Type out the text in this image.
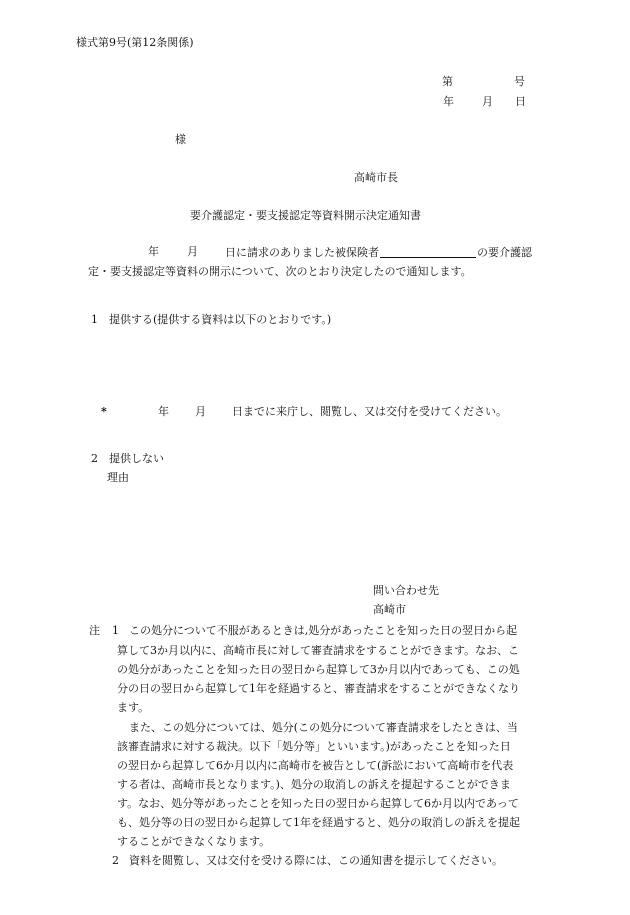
様式第9号(第12条関係)
第	号
年	月 日
様
高崎市長
要介護認定・要支援認定等資料開示決定通知書
年	月 日に請求のありました被保険者	の要介護認
定・要支援認定等資料の開示について、次のとおり決定したので通知します。
1　提供する(提供する資料は以下のとおりです。)
*	年 月 日までに来庁し、閲覧し、又は交付を受けてください。
2　提供しない
理由
問い合わせ先
高崎市
注 1 この処分について不服があるときは,処分があったことを知った日の翌日から起
算して3か月以内に、高崎市長に対して審査請求をすることができます。なお、こ
の処分があったことを知った日の翌日から起算して3か月以内であっても、この処
分の日の翌日から起算して1年を経過すると、審査請求をすることができなくなり
ます。
また、この処分については、処分(この処分について審査請求をしたときは、当
該審査請求に対する裁決。以下「処分等」といいます。)があったことを知った日
の翌日から起算して6か月以内に高崎市を被告として(訴訟において高崎市を代表
する者は、高崎市長となります。)、処分の取消しの訴えを提起することができま
す。なお、処分等があったことを知った日の翌日から起算して6か月以内であって
も、処分等の日の翌日から起算して1年を経過すると、処分の取消しの訴えを提起
することができなくなります。
2 資料を閲覧し、又は交付を受ける際には、この通知書を提示してください。
